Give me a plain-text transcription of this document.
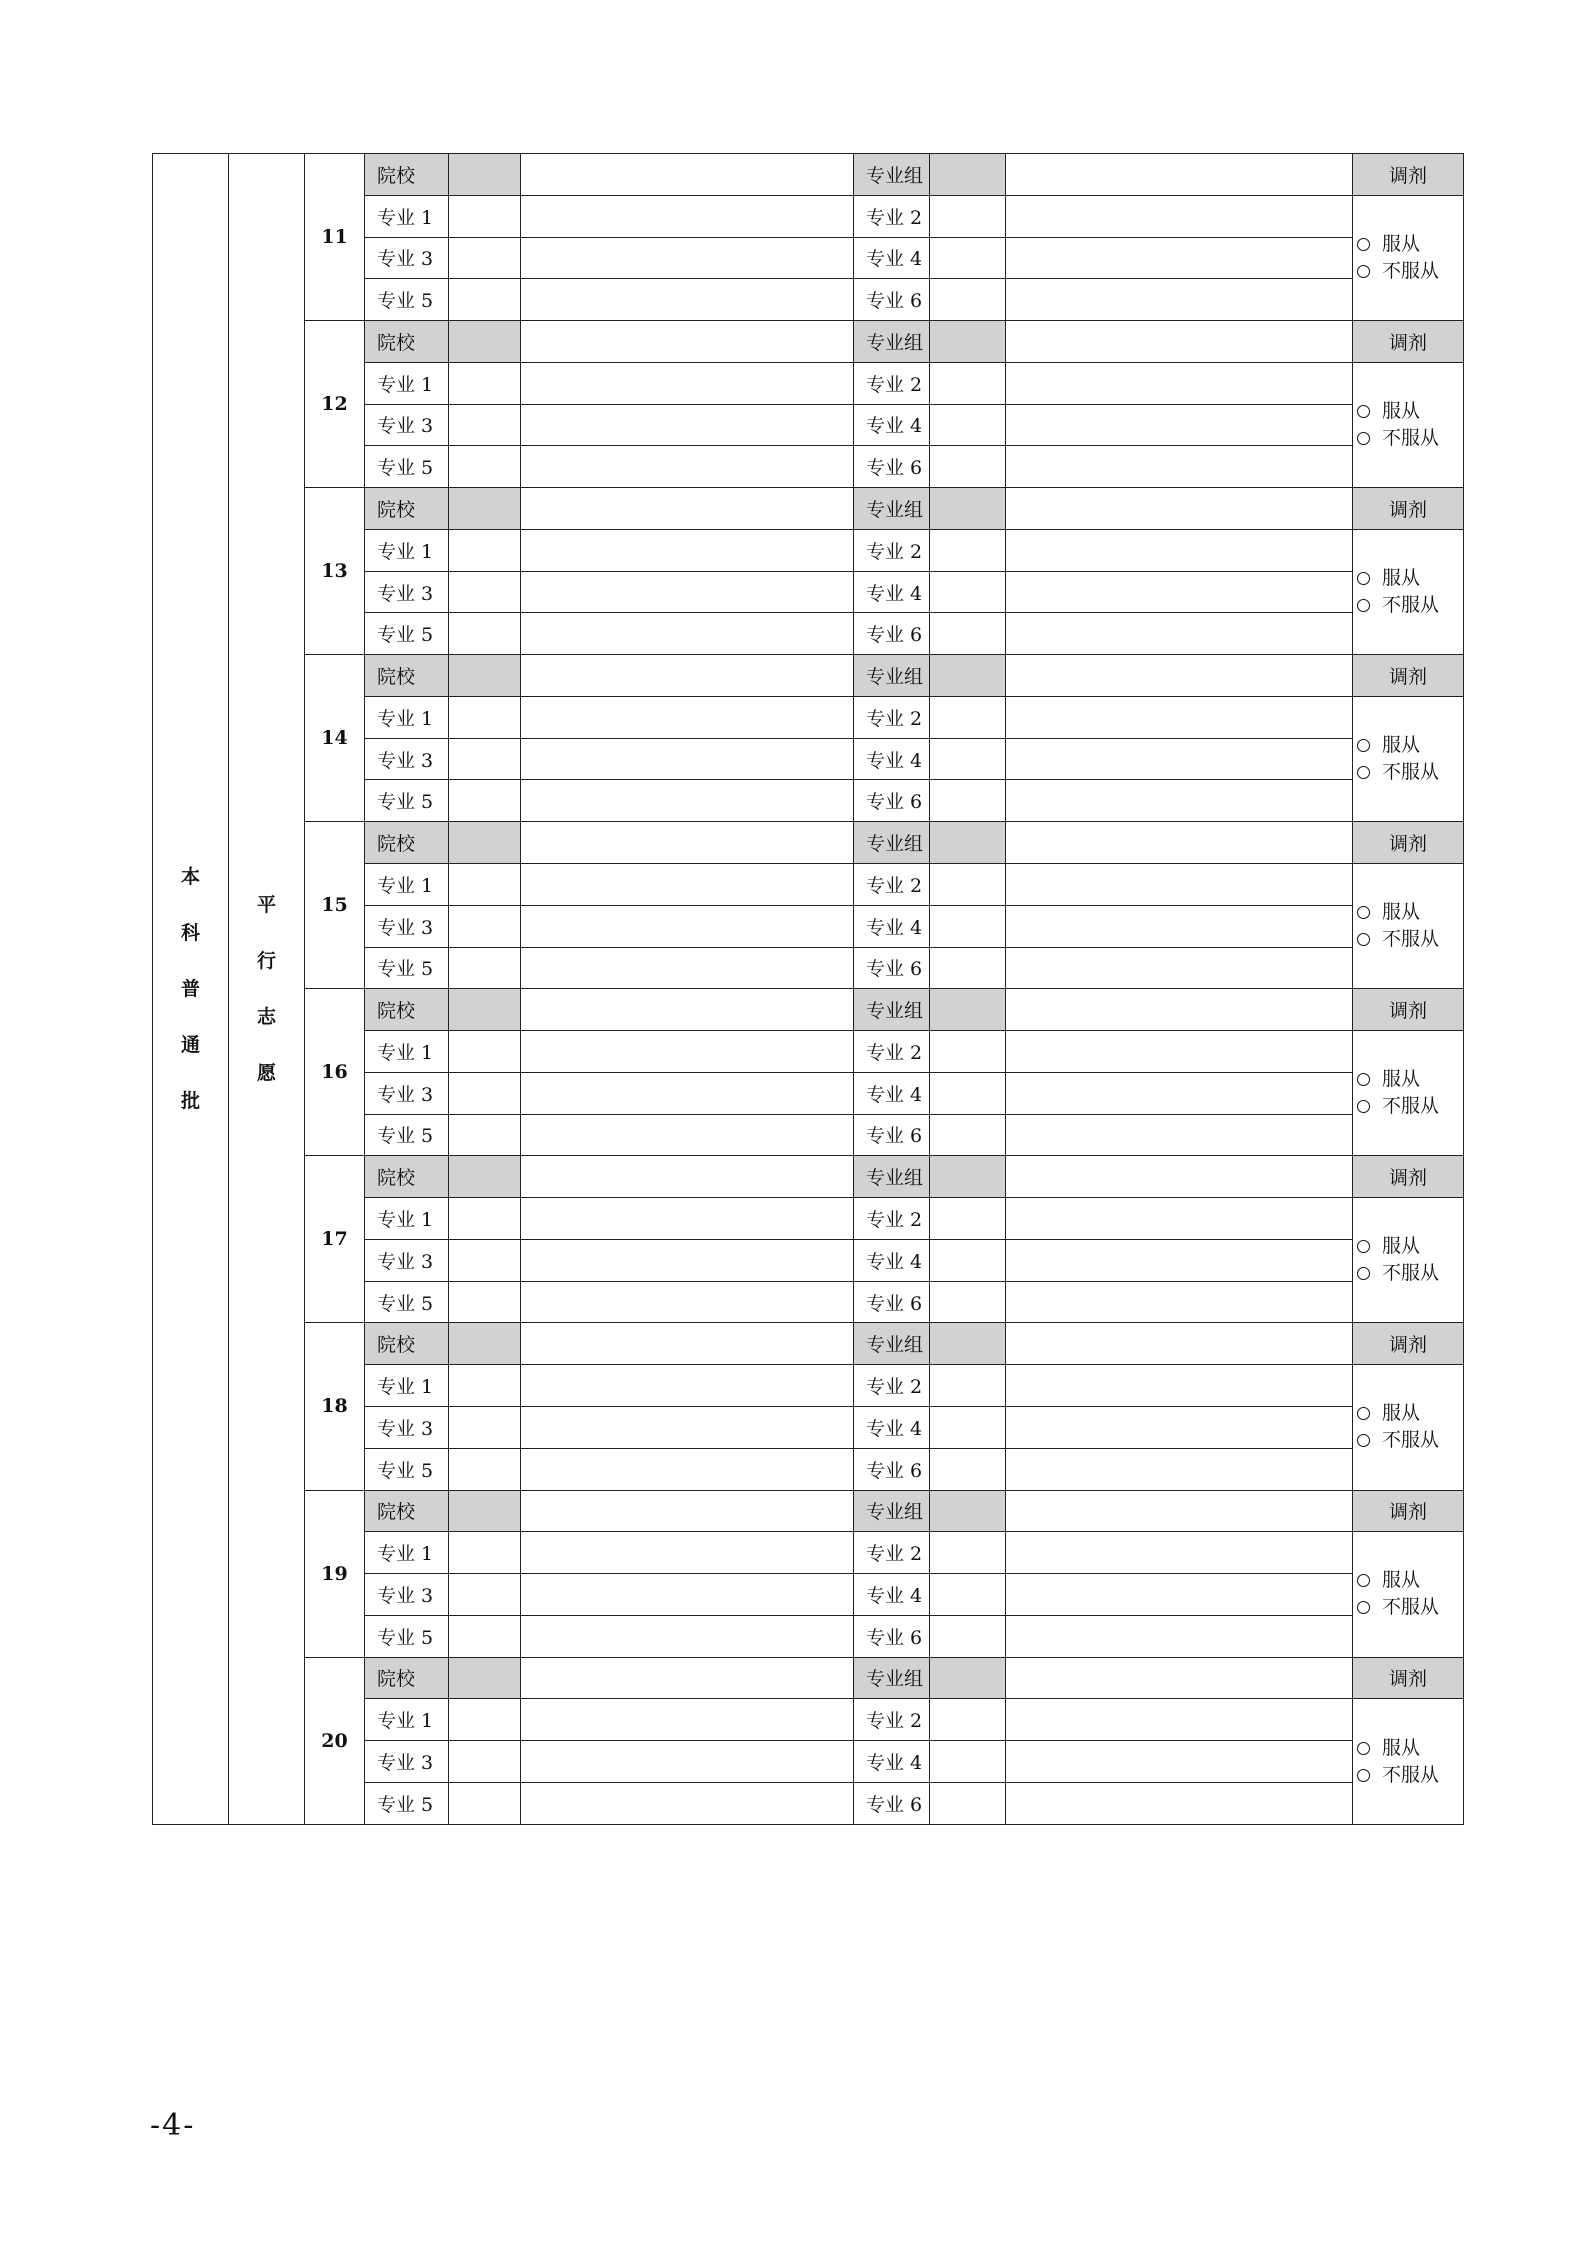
本科普通批	平行志愿	11	院校			专业组			调剂
			专业 1			专业 2			服从
不服从

			专业 3			专业 4			
			专业 5			专业 6			
		12	院校			专业组			调剂
			专业 1			专业 2			服从
不服从

			专业 3			专业 4			
			专业 5			专业 6			
		13	院校			专业组			调剂
			专业 1			专业 2			服从
不服从

			专业 3			专业 4			
			专业 5			专业 6			
		14	院校			专业组			调剂
			专业 1			专业 2			服从
不服从

			专业 3			专业 4			
			专业 5			专业 6			
		15	院校			专业组			调剂
			专业 1			专业 2			服从
不服从

			专业 3			专业 4			
			专业 5			专业 6			
		16	院校			专业组			调剂
			专业 1			专业 2			服从
不服从

			专业 3			专业 4			
			专业 5			专业 6			
		17	院校			专业组			调剂
			专业 1			专业 2			服从
不服从

			专业 3			专业 4			
			专业 5			专业 6			
		18	院校			专业组			调剂
			专业 1			专业 2			服从
不服从

			专业 3			专业 4			
			专业 5			专业 6			
		19	院校			专业组			调剂
			专业 1			专业 2			服从
不服从

			专业 3			专业 4			
			专业 5			专业 6			
		20	院校			专业组			调剂
			专业 1			专业 2			服从
不服从

			专业 3			专业 4			
			专业 5			专业 6			
-4-
